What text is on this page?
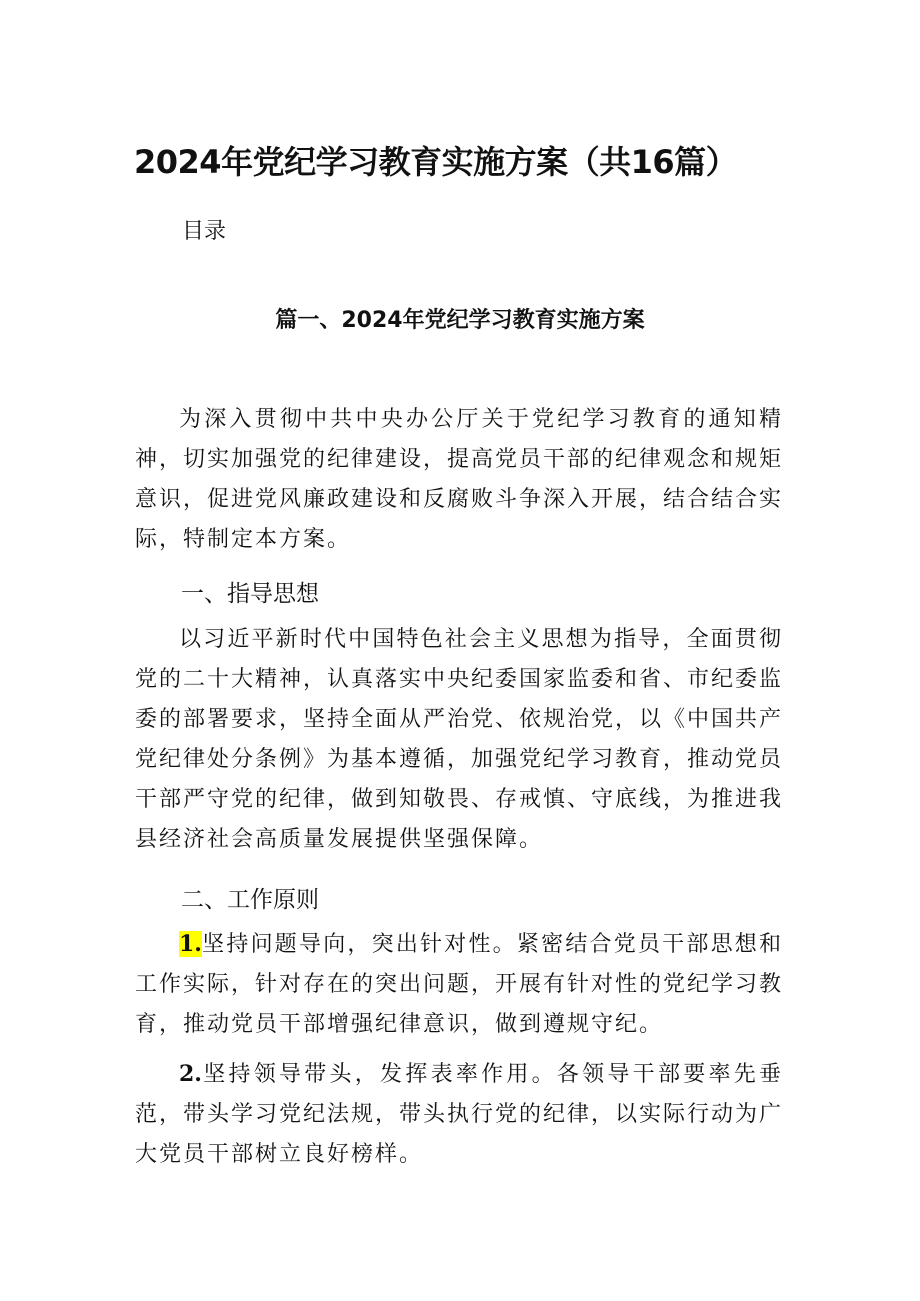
2024年党纪学习教育实施方案（共16篇）
目录
篇一、2024年党纪学习教育实施方案

为深入贯彻中共中央办公厅关于党纪学习教育的通知精神，切实加强党的纪律建设，提高党员干部的纪律观念和规矩意识，促进党风廉政建设和反腐败斗争深入开展，结合结合实际，特制定本方案。

一、指导思想

以习近平新时代中国特色社会主义思想为指导，全面贯彻党的二十大精神，认真落实中央纪委国家监委和省、市纪委监委的部署要求，坚持全面从严治党、依规治党，以《中国共产党纪律处分条例》为基本遵循，加强党纪学习教育，推动党员干部严守党的纪律，做到知敬畏、存戒慎、守底线，为推进我县经济社会高质量发展提供坚强保障。

二、工作原则

1.坚持问题导向，突出针对性。紧密结合党员干部思想和工作实际，针对存在的突出问题，开展有针对性的党纪学习教育，推动党员干部增强纪律意识，做到遵规守纪。

2.坚持领导带头，发挥表率作用。各领导干部要率先垂范，带头学习党纪法规，带头执行党的纪律，以实际行动为广大党员干部树立良好榜样。
